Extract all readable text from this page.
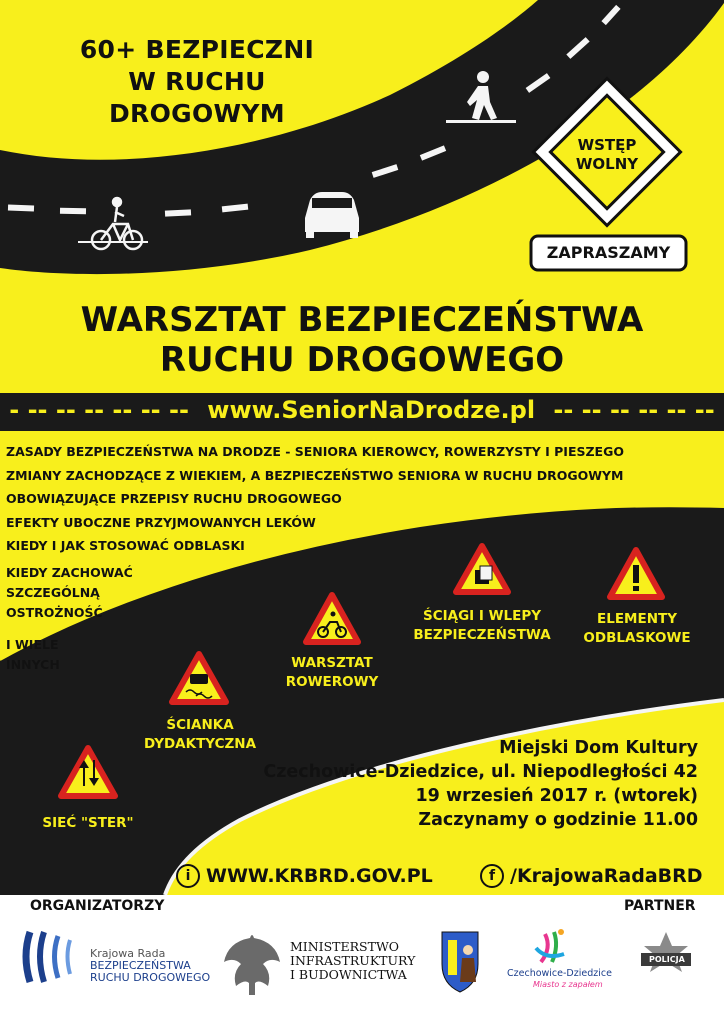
60+ BEZPIECZNI
W RUCHU DROGOWYM
WSTĘP
WOLNY
ZAPRASZAMY
WARSZTAT BEZPIECZEŃSTWA
RUCHU DROGOWEGO
- -- -- -- -- -- -- www.SeniorNaDrodze.pl -- -- -- -- -- --
ZASADY BEZPIECZEŃSTWA NA DRODZE - SENIORA KIEROWCY, ROWERZYSTY I PIESZEGO
ZMIANY ZACHODZĄCE Z WIEKIEM, A BEZPIECZEŃSTWO SENIORA W RUCHU DROGOWYM
OBOWIĄZUJĄCE PRZEPISY RUCHU DROGOWEGO
EFEKTY UBOCZNE PRZYJMOWANYCH LEKÓW
KIEDY I JAK STOSOWAĆ ODBLASKI
KIEDY ZACHOWAĆ
SZCZEGÓLNĄ
OSTROŻNOŚĆ
I WIELE
INNYCH
ŚCIĄGI I WLEPY
BEZPIECZEŃSTWA
ELEMENTY
ODBLASKOWE
WARSZTAT
ROWEROWY
ŚCIANKA
DYDAKTYCZNA
SIEĆ "STER"
Miejski Dom Kultury
Czechowice-Dziedzice, ul. Niepodległości 42
19 wrzesień 2017 r. (wtorek)
Zaczynamy o godzinie 11.00
i WWW.KRBRD.GOV.PL	f /KrajowaRadaBRD
ORGANIZATORZY	PARTNER
Krajowa Rada
BEZPIECZEŃSTWA
RUCHU DROGOWEGO
MINISTERSTWO
INFRASTRUKTURY
I BUDOWNICTWA	Czechowice-Dziedzice
Miasto z zapałem
POLICJA
